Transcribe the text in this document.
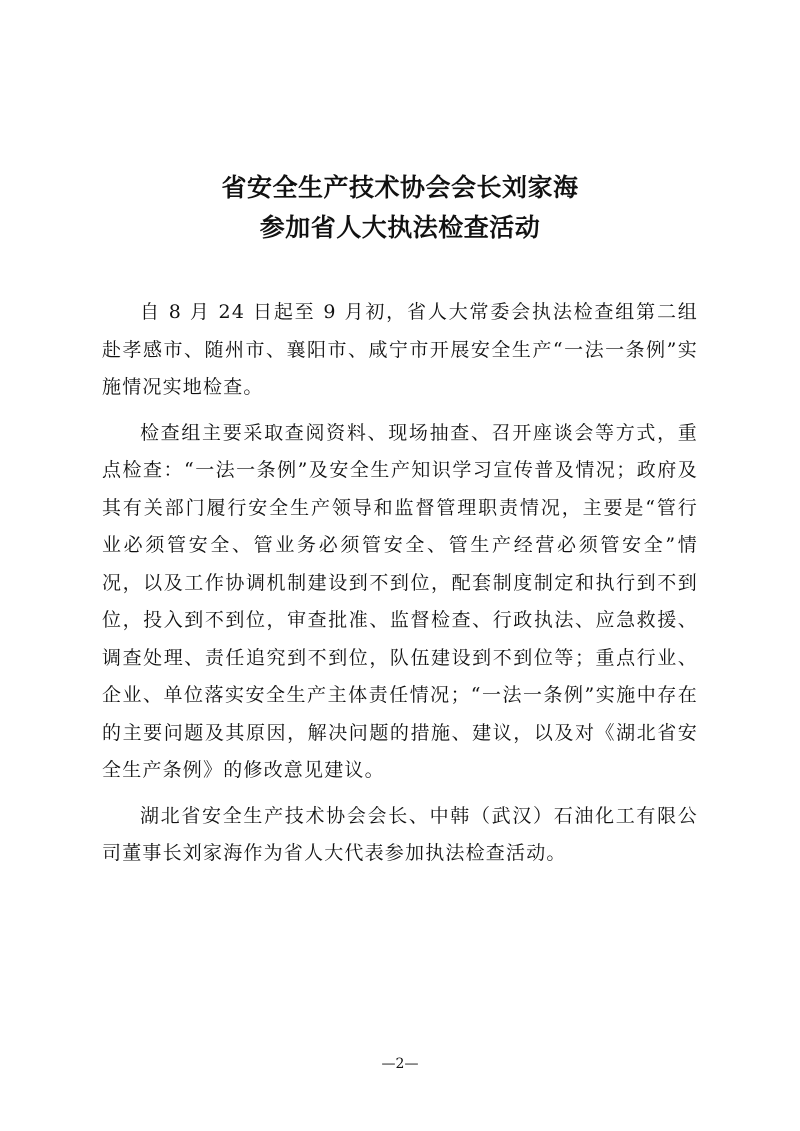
省安全生产技术协会会长刘家海
参加省人大执法检查活动

自 8 月 24 日起至 9 月初，省人大常委会执法检查组第二组赴孝感市、随州市、襄阳市、咸宁市开展安全生产“一法一条例”实施情况实地检查。

检查组主要采取查阅资料、现场抽查、召开座谈会等方式，重点检查：“一法一条例”及安全生产知识学习宣传普及情况；政府及其有关部门履行安全生产领导和监督管理职责情况，主要是“管行业必须管安全、管业务必须管安全、管生产经营必须管安全”情况，以及工作协调机制建设到不到位，配套制度制定和执行到不到位，投入到不到位，审查批准、监督检查、行政执法、应急救援、调查处理、责任追究到不到位，队伍建设到不到位等；重点行业、企业、单位落实安全生产主体责任情况；“一法一条例”实施中存在的主要问题及其原因，解决问题的措施、建议，以及对《湖北省安全生产条例》的修改意见建议。

湖北省安全生产技术协会会长、中韩（武汉）石油化工有限公司董事长刘家海作为省人大代表参加执法检查活动。

—2—
